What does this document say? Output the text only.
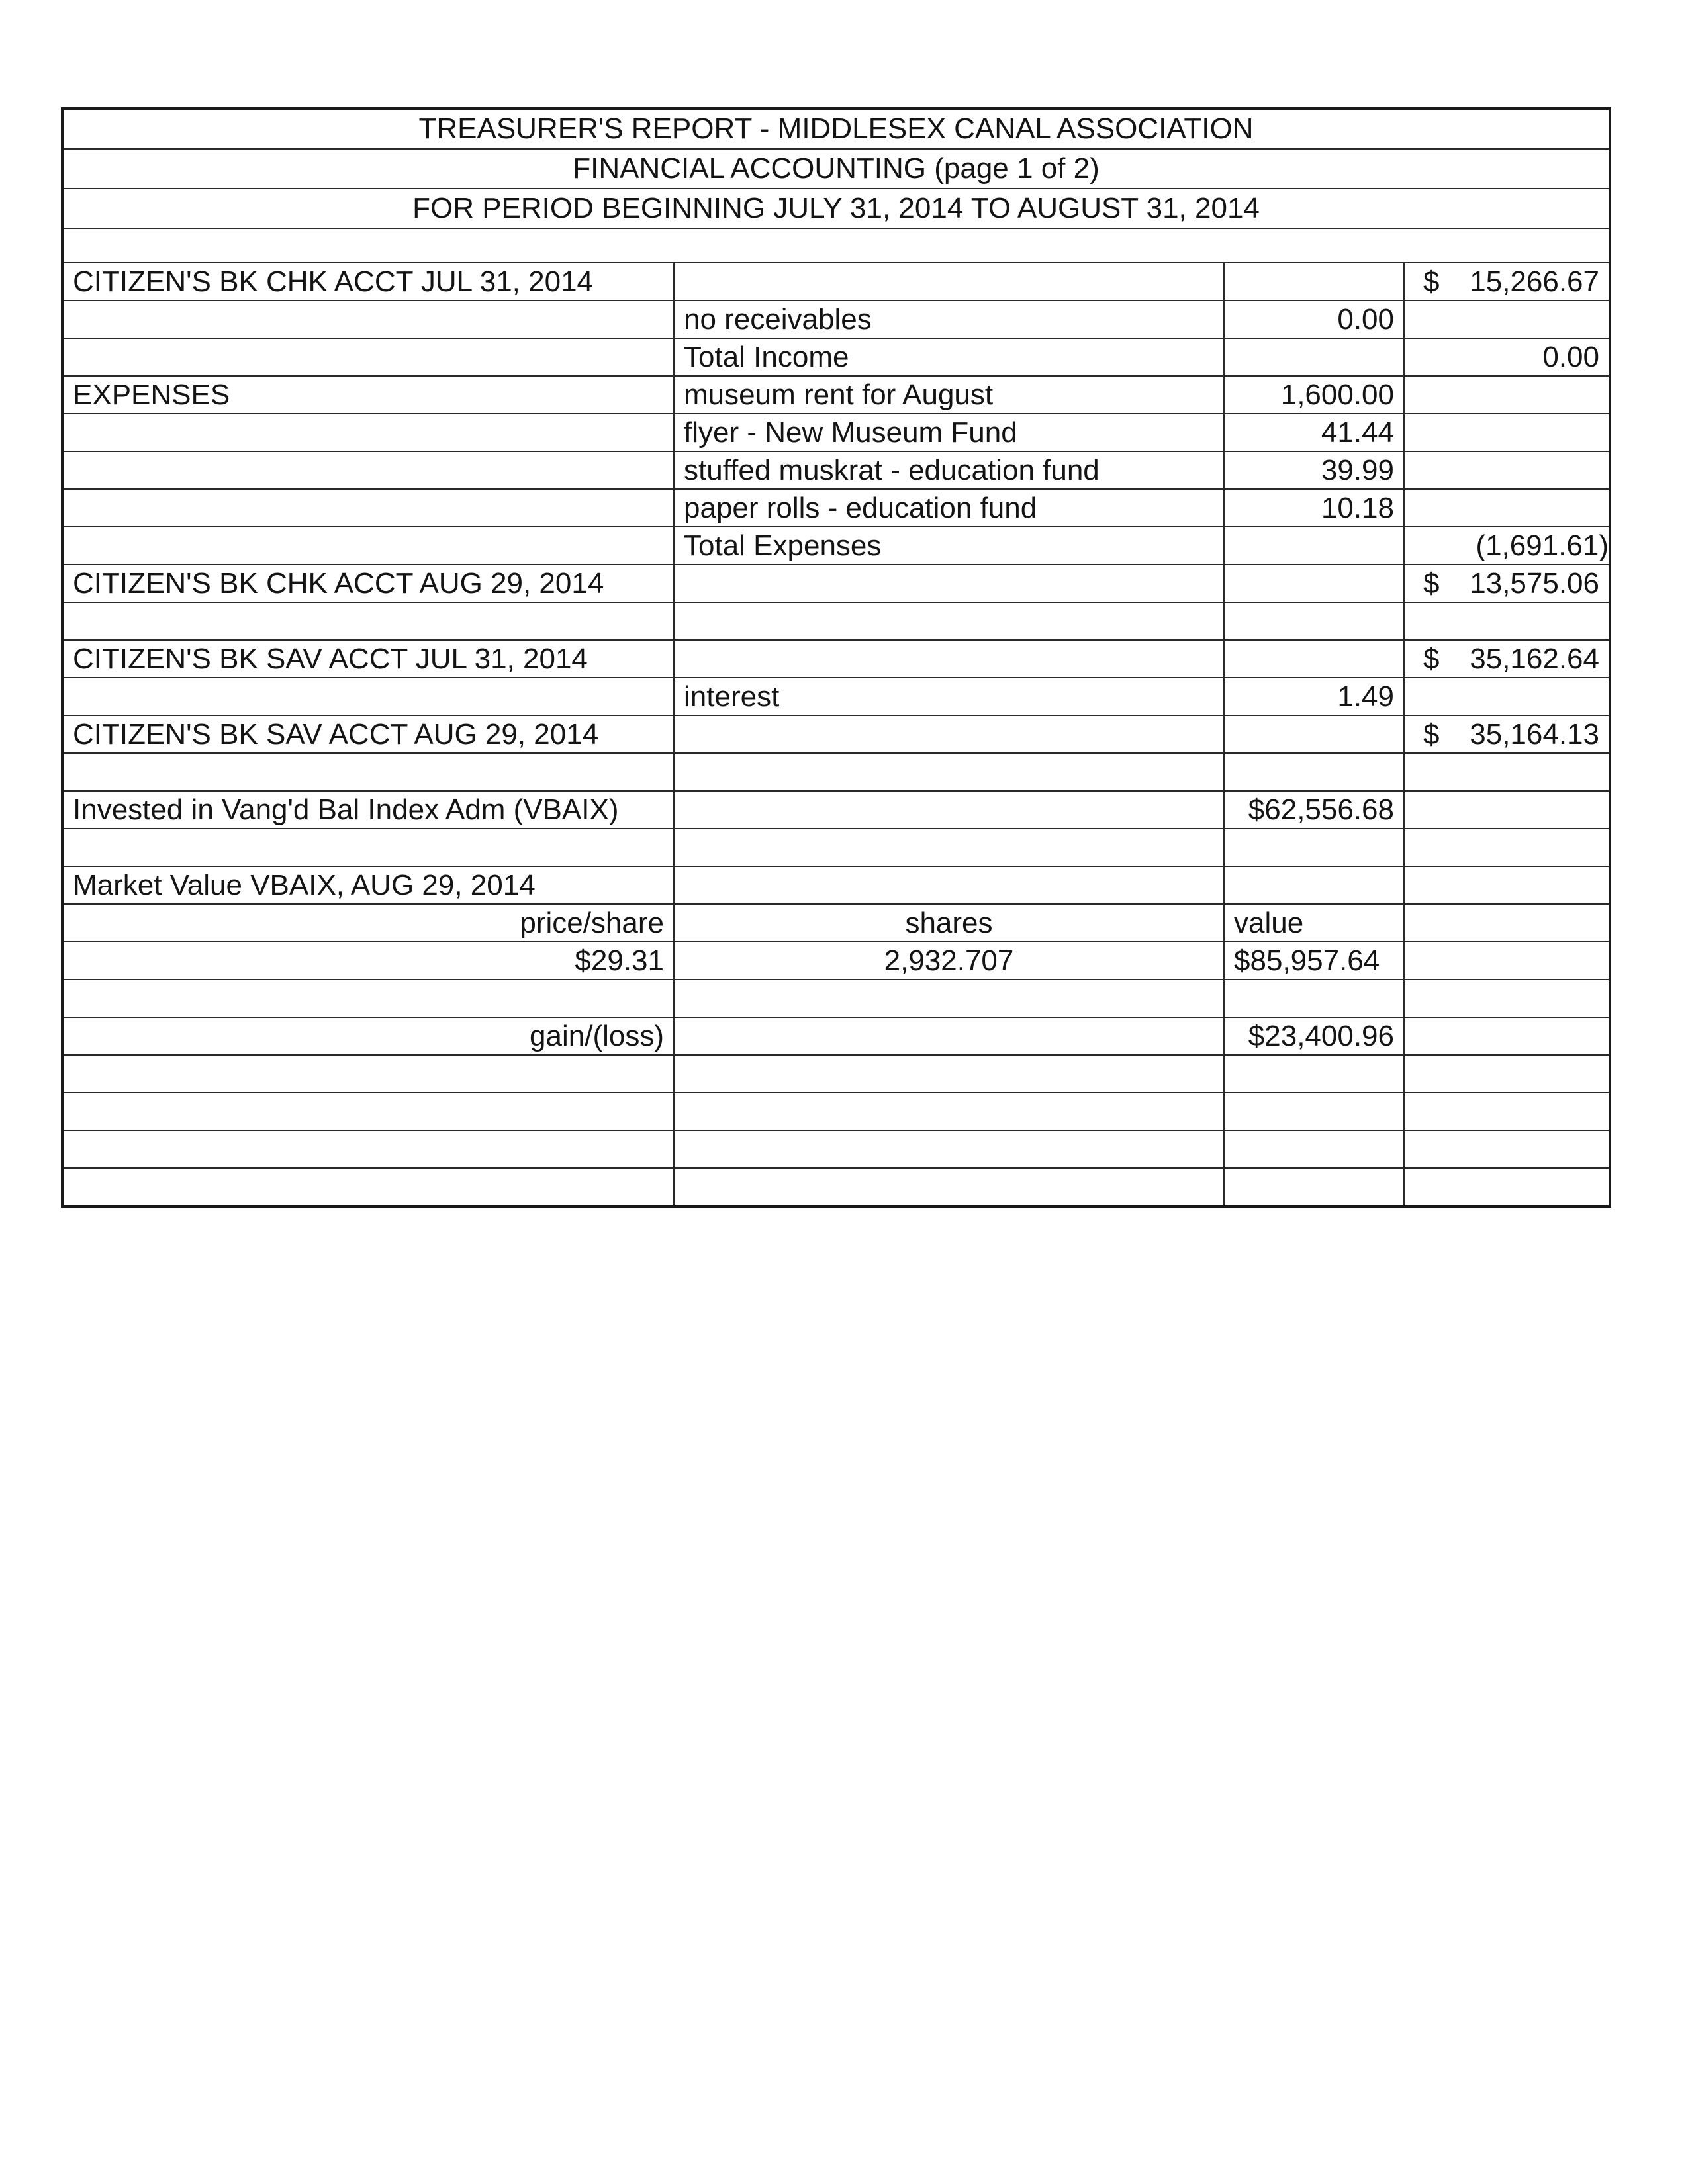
TREASURER'S REPORT - MIDDLESEX CANAL ASSOCIATION
FINANCIAL ACCOUNTING (page 1 of 2)
FOR PERIOD BEGINNING JULY 31, 2014 TO AUGUST 31, 2014
CITIZEN'S BK CHK ACCT JUL 31, 2014			$ 15,266.67

	no receivables	0.00	
	Total Income		0.00
EXPENSES	museum rent for August	1,600.00	
	flyer - New Museum Fund	41.44	
	stuffed muskrat - education fund	39.99	
	paper rolls - education fund	10.18	
	Total Expenses		(1,691.61)
CITIZEN'S BK CHK ACCT AUG 29, 2014			$ 13,575.06

CITIZEN'S BK SAV ACCT JUL 31, 2014			$ 35,162.64

	interest	1.49	
CITIZEN'S BK SAV ACCT AUG 29, 2014			$ 35,164.13

Invested in Vang'd Bal Index Adm (VBAIX)		$62,556.68	

Market Value VBAIX, AUG 29, 2014			
price/share	shares	value	
$29.31	2,932.707	$85,957.64	

gain/(loss)		$23,400.96	
